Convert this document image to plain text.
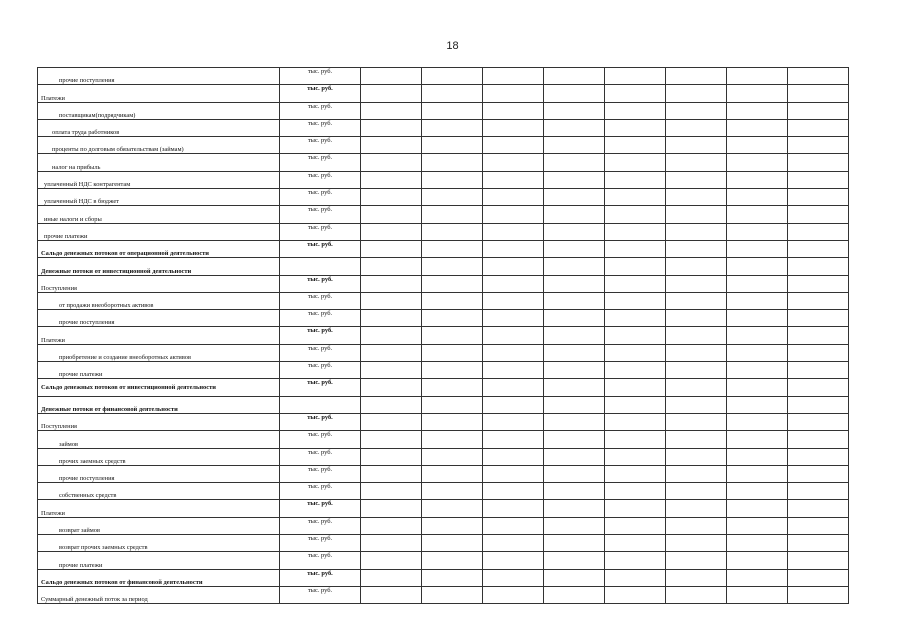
18
прочие поступления	тыс. руб.								
Платежи	тыс. руб.								
поставщикам(подрядчикам)	тыс. руб.								
оплата труда работников	тыс. руб.								
проценты по долговым обязательствам (займам)	тыс. руб.								
налог на прибыль	тыс. руб.								
уплаченный НДС контрагентам	тыс. руб.								
уплаченный НДС в бюджет	тыс. руб.								
иные налоги и сборы	тыс. руб.								
прочие платежи	тыс. руб.								
Сальдо денежных потоков от операционной деятельности	тыс. руб.								
Денежные потоки от инвестиционной деятельности									
Поступления	тыс. руб.								
от продажи внеоборотных активов	тыс. руб.								
прочие поступления	тыс. руб.								
Платежи	тыс. руб.								
приобретение и создание внеоборотных активов	тыс. руб.								
прочие платежи	тыс. руб.								
Сальдо денежных потоков от инвестиционной деятельности	тыс. руб.								
Денежные потоки от финансовой деятельности									
Поступления	тыс. руб.								
займов	тыс. руб.								
прочих заемных средств	тыс. руб.								
прочие поступления	тыс. руб.								
собственных средств	тыс. руб.								
Платежи	тыс. руб.								
возврат займов	тыс. руб.								
возврат прочих заемных средств	тыс. руб.								
прочие платежи	тыс. руб.								
Сальдо денежных потоков от финансовой деятельности	тыс. руб.								
Суммарный денежный поток за период	тыс. руб.								
